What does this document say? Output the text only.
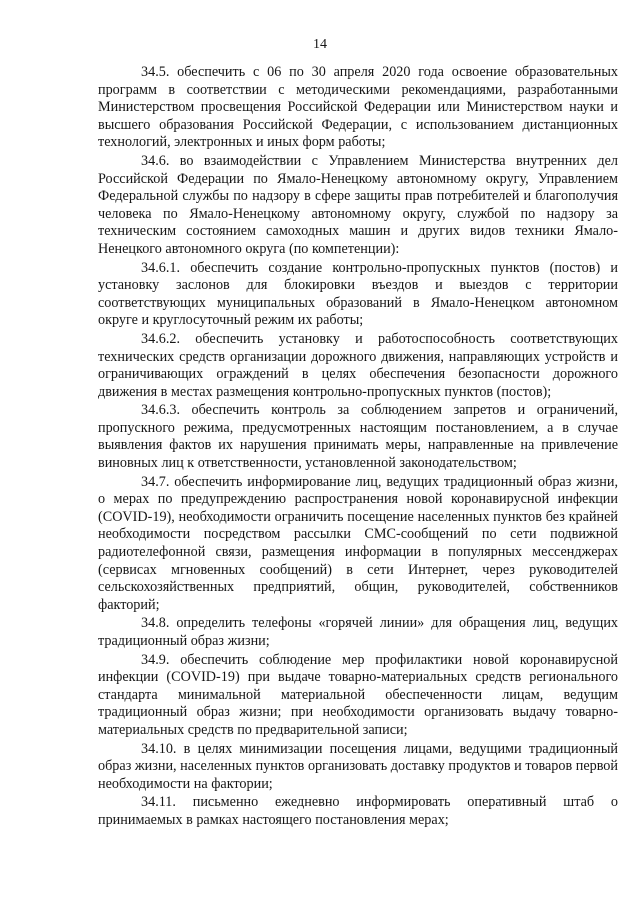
14

34.5. обеспечить с 06 по 30 апреля 2020 года освоение образовательных программ в соответствии с методическими рекомендациями, разработанными Министерством просвещения Российской Федерации или Министерством науки и высшего образования Российской Федерации, с использованием дистанционных технологий, электронных и иных форм работы;

34.6. во взаимодействии с Управлением Министерства внутренних дел Российской Федерации по Ямало-Ненецкому автономному округу, Управлением Федеральной службы по надзору в сфере защиты прав потребителей и благополучия человека по Ямало-Ненецкому автономному округу, службой по надзору за техническим состоянием самоходных машин и других видов техники Ямало-Ненецкого автономного округа (по компетенции):

34.6.1. обеспечить создание контрольно-пропускных пунктов (постов) и установку заслонов для блокировки въездов и выездов с территории соответствующих муниципальных образований в Ямало-Ненецком автономном округе и круглосуточный режим их работы;

34.6.2. обеспечить установку и работоспособность соответствующих технических средств организации дорожного движения, направляющих устройств и ограничивающих ограждений в целях обеспечения безопасности дорожного движения в местах размещения контрольно-пропускных пунктов (постов);

34.6.3. обеспечить контроль за соблюдением запретов и ограничений, пропускного режима, предусмотренных настоящим постановлением, а в случае выявления фактов их нарушения принимать меры, направленные на привлечение виновных лиц к ответственности, установленной законодательством;

34.7. обеспечить информирование лиц, ведущих традиционный образ жизни, о мерах по предупреждению распространения новой коронавирусной инфекции (COVID-19), необходимости ограничить посещение населенных пунктов без крайней необходимости посредством рассылки СМС-сообщений по сети подвижной радиотелефонной связи, размещения информации в популярных мессенджерах (сервисах мгновенных сообщений) в сети Интернет, через руководителей сельскохозяйственных предприятий, общин, руководителей, собственников факторий;

34.8. определить телефоны «горячей линии» для обращения лиц, ведущих традиционный образ жизни;

34.9. обеспечить соблюдение мер профилактики новой коронавирусной инфекции (COVID-19) при выдаче товарно-материальных средств регионального стандарта минимальной материальной обеспеченности лицам, ведущим традиционный образ жизни; при необходимости организовать выдачу товарно-материальных средств по предварительной записи;

34.10. в целях минимизации посещения лицами, ведущими традиционный образ жизни, населенных пунктов организовать доставку продуктов и товаров первой необходимости на фактории;

34.11. письменно ежедневно информировать оперативный штаб о принимаемых в рамках настоящего постановления мерах;
